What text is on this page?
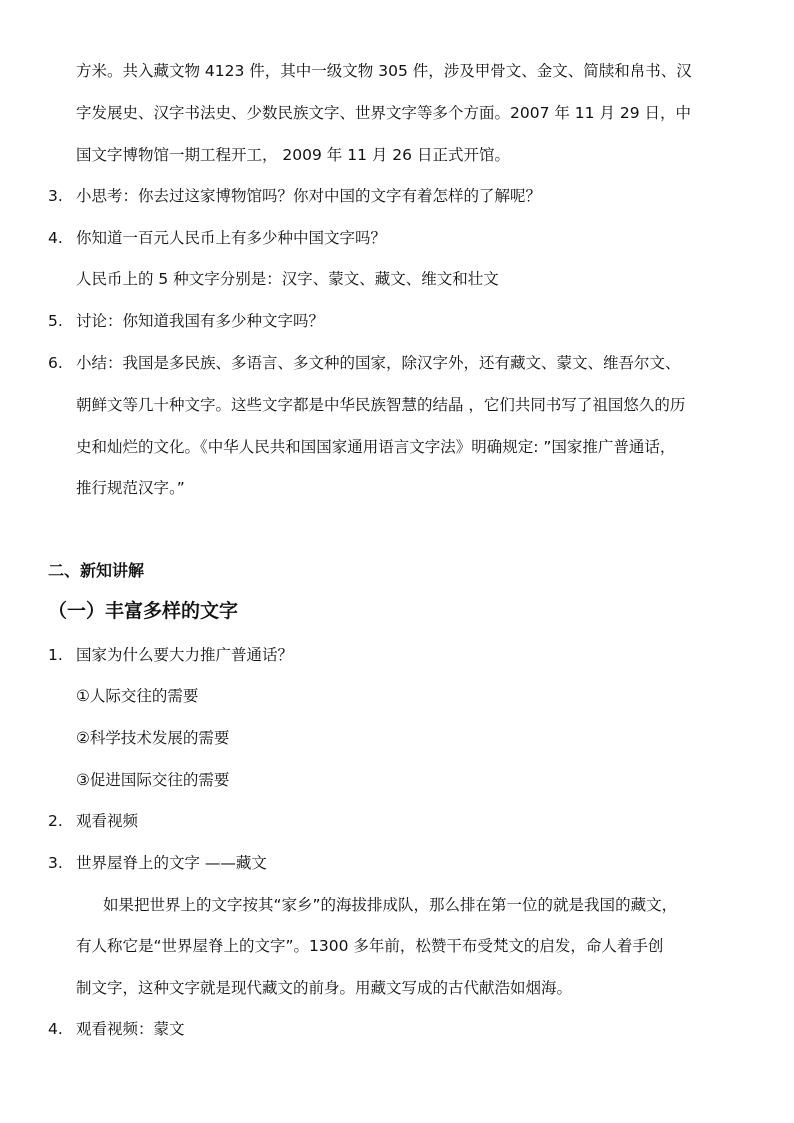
方米。共入藏文物 4123 件，其中一级文物 305 件，涉及甲骨文、金文、简牍和帛书、汉
字发展史、汉字书法史、少数民族文字、世界文字等多个方面。2007 年 11 月 29 日，中
国文字博物馆一期工程开工， 2009 年 11 月 26 日正式开馆。
3. 小思考：你去过这家博物馆吗？你对中国的文字有着怎样的了解呢？
4. 你知道一百元人民币上有多少种中国文字吗？
人民币上的 5 种文字分别是：汉字、蒙文、藏文、维文和壮文
5. 讨论：你知道我国有多少种文字吗？
6. 小结：我国是多民族、多语言、多文种的国家，除汉字外，还有藏文、蒙文、维吾尔文、
朝鲜文等几十种文字。这些文字都是中华民族智慧的结晶 ，它们共同书写了祖国悠久的历
史和灿烂的文化。《中华人民共和国国家通用语言文字法》明确规定: ”国家推广普通话，
推行规范汉字。”
二、新知讲解
（一）丰富多样的文字
1. 国家为什么要大力推广普通话？
①人际交往的需要
②科学技术发展的需要
③促进国际交往的需要
2. 观看视频
3. 世界屋脊上的文字 ——藏文
如果把世界上的文字按其“家乡”的海拔排成队，那么排在第一位的就是我国的藏文，
有人称它是“世界屋脊上的文字”。1300 多年前，松赞干布受梵文的启发，命人着手创
制文字，这种文字就是现代藏文的前身。用藏文写成的古代献浩如烟海。
4. 观看视频：蒙文
